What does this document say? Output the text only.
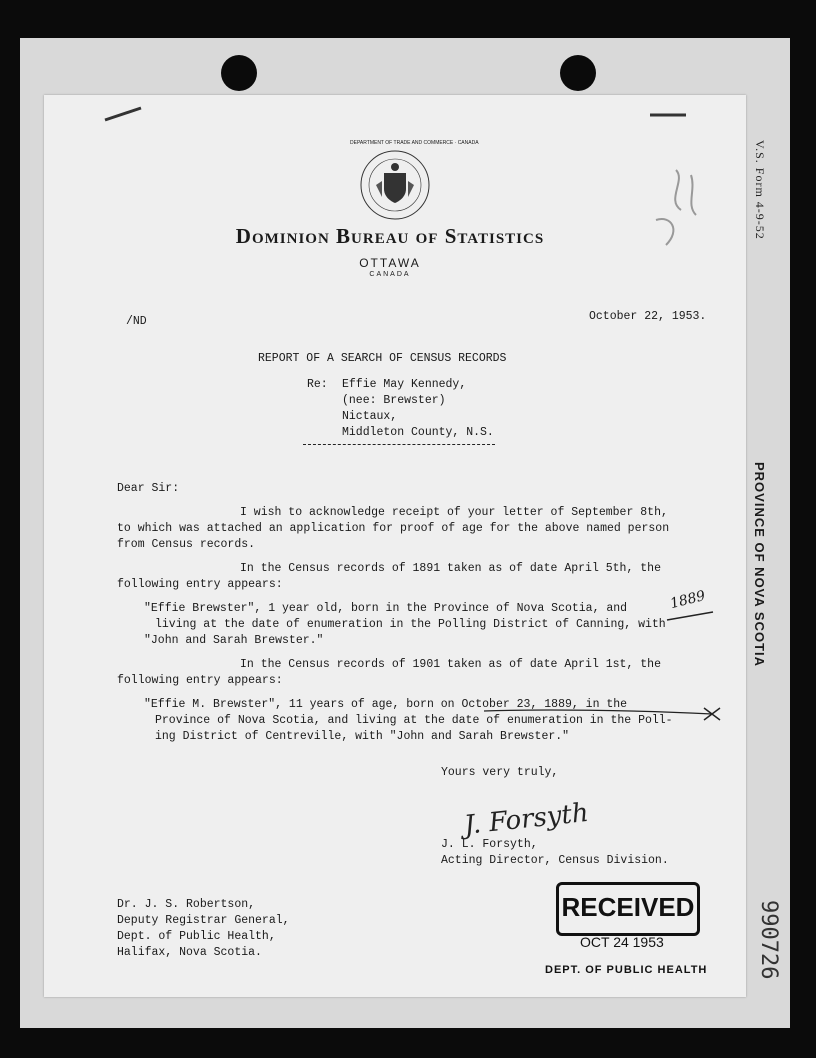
V.S. Form 4-9-52
PROVINCE OF NOVA SCOTIA
990726
DEPARTMENT OF TRADE AND COMMERCE · CANADA
Dominion Bureau of Statistics
OTTAWA
CANADA
/ND	October 22, 1953.
REPORT OF A SEARCH OF CENSUS RECORDS
Re: Effie May Kennedy,
(nee: Brewster)
Nictaux,
Middleton County, N.S.
Dear Sir:
I wish to acknowledge receipt of your letter of September 8th,
to which was attached an application for proof of age for the above named person
from Census records.
In the Census records of 1891 taken as of date April 5th, the
following entry appears:
"Effie Brewster", 1 year old, born in the Province of Nova Scotia, and
living at the date of enumeration in the Polling District of Canning, with
"John and Sarah Brewster."
1889
In the Census records of 1901 taken as of date April 1st, the
following entry appears:
"Effie M. Brewster", 11 years of age, born on October 23, 1889, in the
Province of Nova Scotia, and living at the date of enumeration in the Poll-
ing District of Centreville, with "John and Sarah Brewster."
Yours very truly,
J. Forsyth
J. L. Forsyth,
Acting Director, Census Division.
Dr. J. S. Robertson,
Deputy Registrar General,
Dept. of Public Health,
Halifax, Nova Scotia.
RECEIVED
OCT 24 1953
DEPT. OF PUBLIC HEALTH
